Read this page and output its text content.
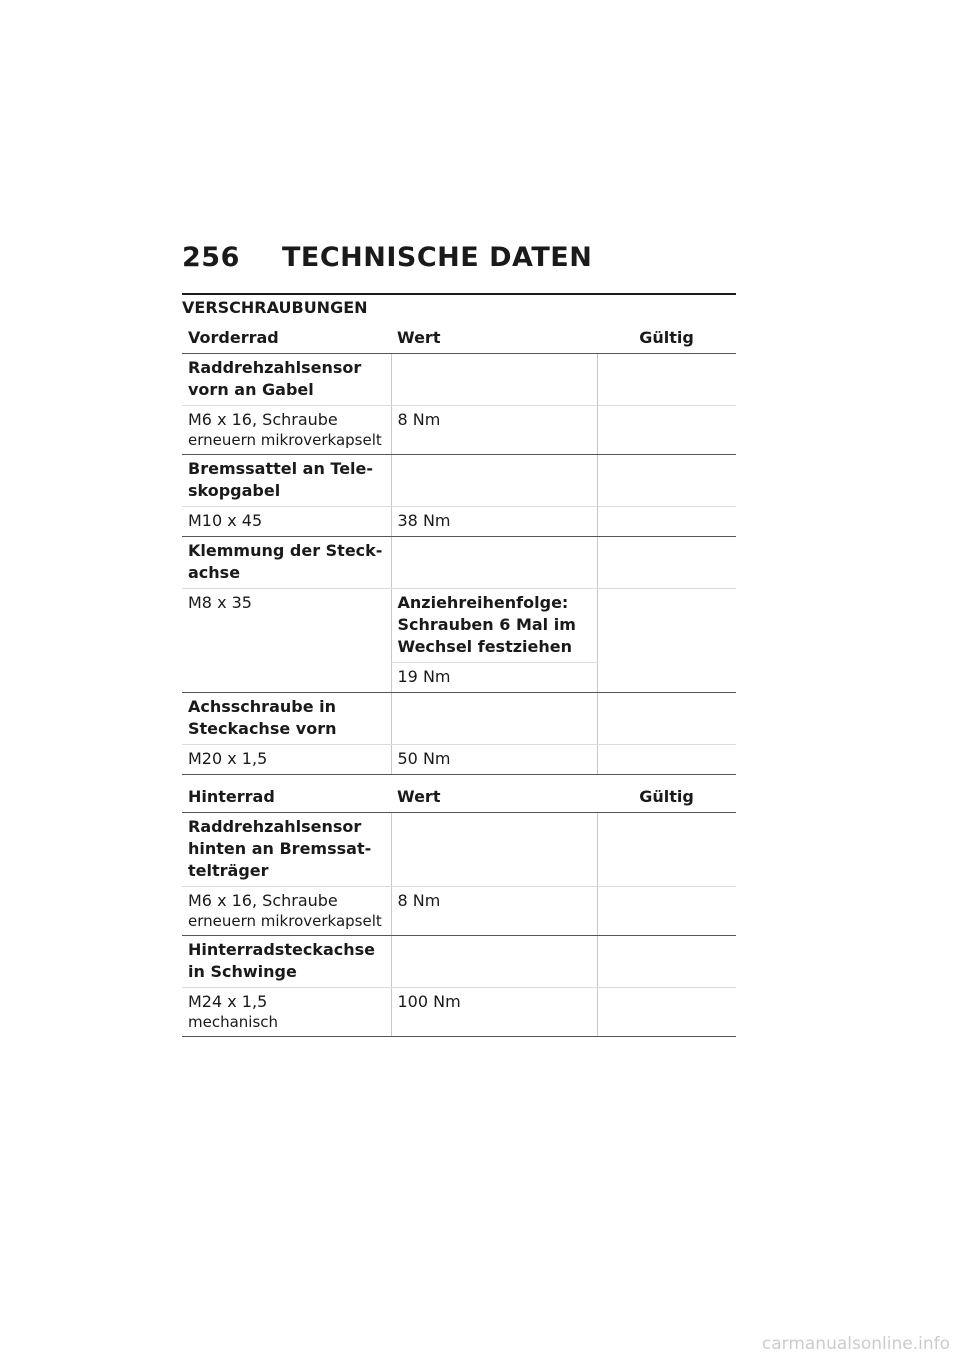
256	TECHNISCHE DATEN
VERSCHRAUBUNGEN
Vorderrad	Wert	Gültig
Raddrehzahlsensor vorn an Gabel		

M6 x 16, Schraube
erneuern mikroverkapselt	8 Nm	
Bremssattel an Tele-skopgabel		
M10 x 45	38 Nm	
Klemmung der Steck-achse		
M8 x 35	Anziehreihenfolge: Schrauben 6 Mal im Wechsel festziehen	
	19 Nm	
Achsschraube in Steckachse vorn		
M20 x 1,5	50 Nm	
Hinterrad	Wert	Gültig
Raddrehzahlsensor hinten an Bremssat-telträger		

M6 x 16, Schraube
erneuern mikroverkapselt	8 Nm	
Hinterradsteckachse in Schwinge		

M24 x 1,5
mechanisch	100 Nm	
carmanualsonline.info
